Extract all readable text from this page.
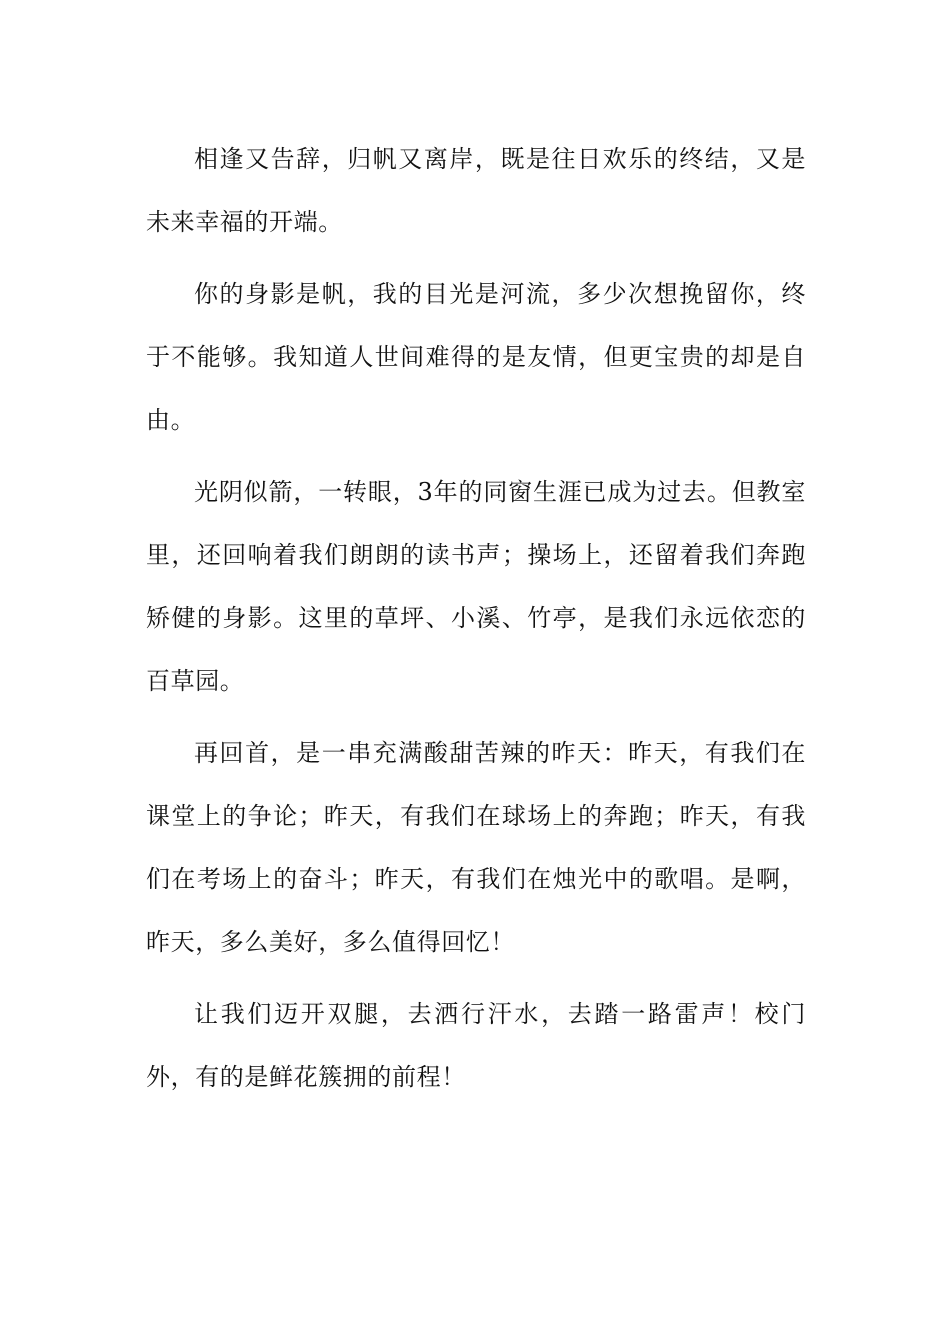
相逢又告辞，归帆又离岸，既是往日欢乐的终结，又是未来幸福的开端。

你的身影是帆，我的目光是河流，多少次想挽留你，终于不能够。我知道人世间难得的是友情，但更宝贵的却是自由。

光阴似箭，一转眼，3年的同窗生涯已成为过去。但教室里，还回响着我们朗朗的读书声；操场上，还留着我们奔跑矫健的身影。这里的草坪、小溪、竹亭，是我们永远依恋的百草园。

再回首，是一串充满酸甜苦辣的昨天：昨天，有我们在课堂上的争论；昨天，有我们在球场上的奔跑；昨天，有我们在考场上的奋斗；昨天，有我们在烛光中的歌唱。是啊，昨天，多么美好，多么值得回忆！

让我们迈开双腿，去洒行汗水，去踏一路雷声！校门外，有的是鲜花簇拥的前程！
